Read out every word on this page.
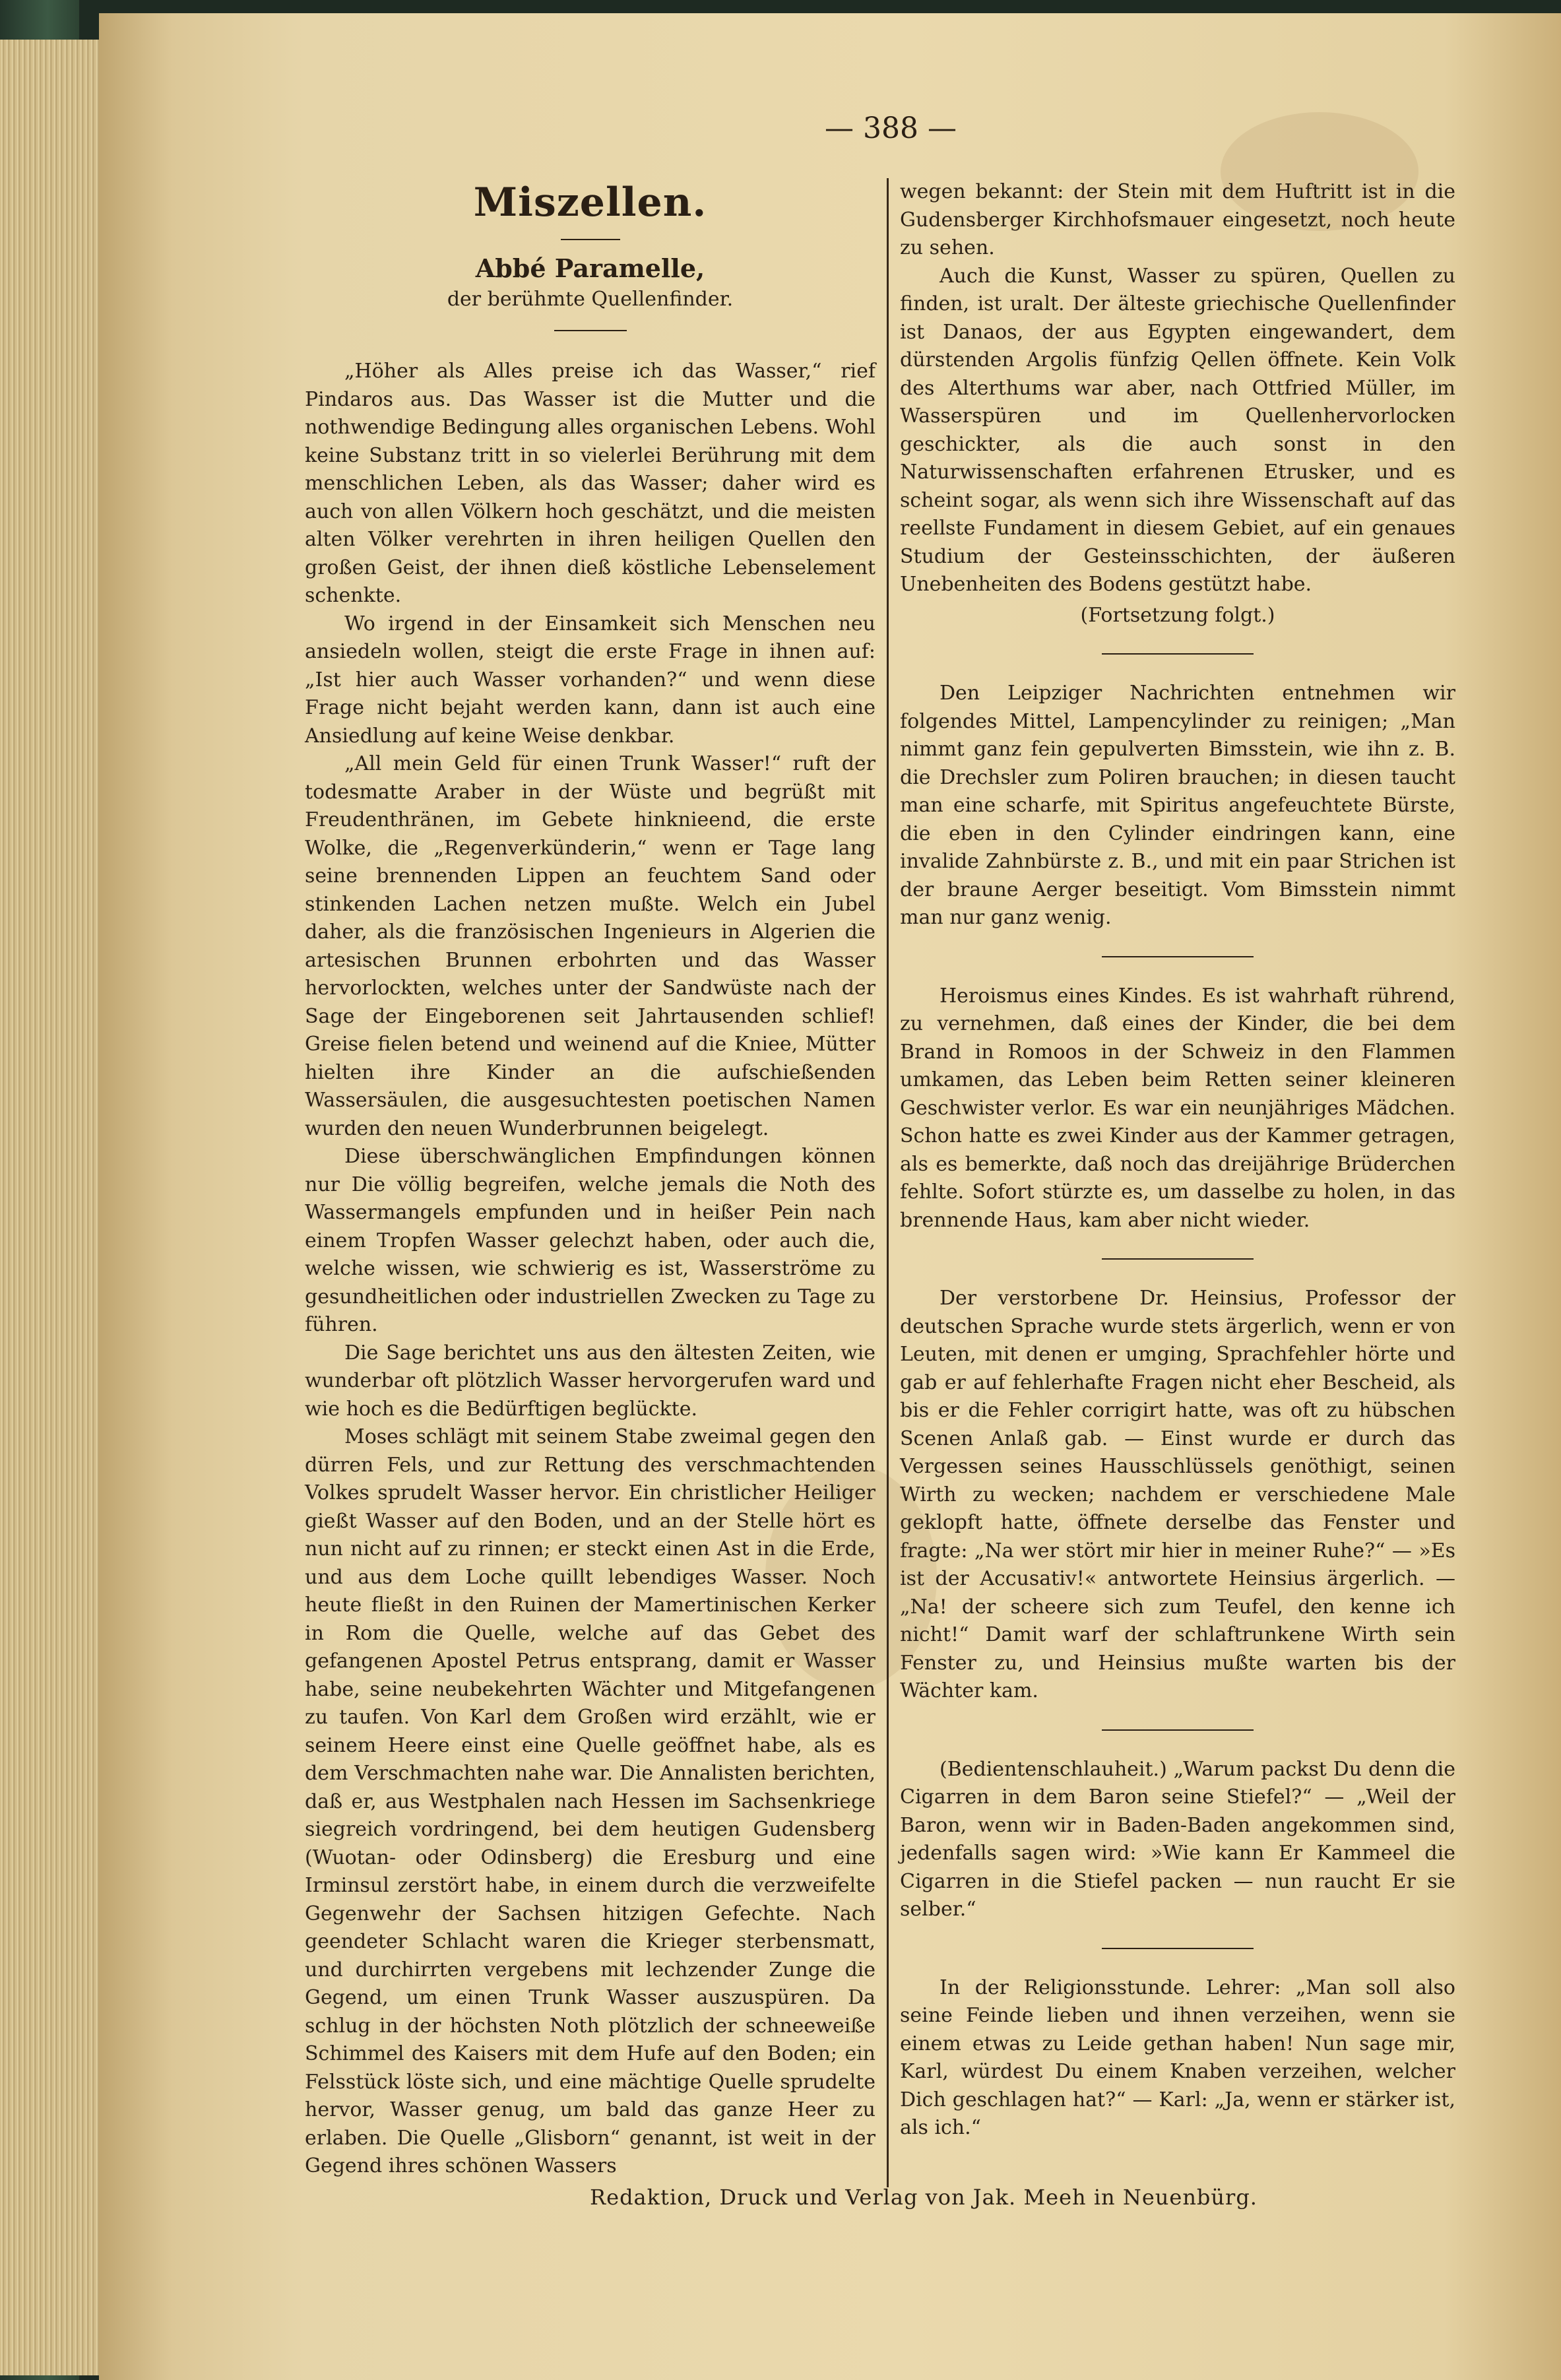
— 388 —
Miszellen.
Abbé Paramelle,
der berühmte Quellenfinder.

„Höher als Alles preise ich das Wasser,“ rief Pindaros aus. Das Wasser ist die Mutter und die nothwendige Bedingung alles organischen Lebens. Wohl keine Substanz tritt in so vielerlei Berührung mit dem menschlichen Leben, als das Wasser; daher wird es auch von allen Völkern hoch geschätzt, und die meisten alten Völker verehrten in ihren heiligen Quellen den großen Geist, der ihnen dieß köstliche Lebenselement schenkte.

Wo irgend in der Einsamkeit sich Menschen neu ansiedeln wollen, steigt die erste Frage in ihnen auf: „Ist hier auch Wasser vorhanden?“ und wenn diese Frage nicht bejaht werden kann, dann ist auch eine Ansiedlung auf keine Weise denkbar.

„All mein Geld für einen Trunk Wasser!“ ruft der todesmatte Araber in der Wüste und begrüßt mit Freudenthränen, im Gebete hinknieend, die erste Wolke, die „Regenverkünderin,“ wenn er Tage lang seine brennenden Lippen an feuchtem Sand oder stinkenden Lachen netzen mußte. Welch ein Jubel daher, als die französischen Ingenieurs in Algerien die artesischen Brunnen erbohrten und das Wasser hervorlockten, welches unter der Sandwüste nach der Sage der Eingeborenen seit Jahrtausenden schlief! Greise fielen betend und weinend auf die Kniee, Mütter hielten ihre Kinder an die aufschießenden Wassersäulen, die ausgesuchtesten poetischen Namen wurden den neuen Wunderbrunnen beigelegt.

Diese überschwänglichen Empfindungen können nur Die völlig begreifen, welche jemals die Noth des Wassermangels empfunden und in heißer Pein nach einem Tropfen Wasser gelechzt haben, oder auch die, welche wissen, wie schwierig es ist, Wasserströme zu gesundheitlichen oder industriellen Zwecken zu Tage zu führen.

Die Sage berichtet uns aus den ältesten Zeiten, wie wunderbar oft plötzlich Wasser hervorgerufen ward und wie hoch es die Bedürftigen beglückte.

Moses schlägt mit seinem Stabe zweimal gegen den dürren Fels, und zur Rettung des verschmachtenden Volkes sprudelt Wasser hervor. Ein christlicher Heiliger gießt Wasser auf den Boden, und an der Stelle hört es nun nicht auf zu rinnen; er steckt einen Ast in die Erde, und aus dem Loche quillt lebendiges Wasser. Noch heute fließt in den Ruinen der Mamertinischen Kerker in Rom die Quelle, welche auf das Gebet des gefangenen Apostel Petrus entsprang, damit er Wasser habe, seine neubekehrten Wächter und Mitgefangenen zu taufen. Von Karl dem Großen wird erzählt, wie er seinem Heere einst eine Quelle geöffnet habe, als es dem Verschmachten nahe war. Die Annalisten berichten, daß er, aus Westphalen nach Hessen im Sachsenkriege siegreich vordringend, bei dem heutigen Gudensberg (Wuotan- oder Odinsberg) die Eresburg und eine Irminsul zerstört habe, in einem durch die verzweifelte Gegenwehr der Sachsen hitzigen Gefechte. Nach geendeter Schlacht waren die Krieger sterbensmatt, und durchirrten vergebens mit lechzender Zunge die Gegend, um einen Trunk Wasser auszuspüren. Da schlug in der höchsten Noth plötzlich der schneeweiße Schimmel des Kaisers mit dem Hufe auf den Boden; ein Felsstück löste sich, und eine mächtige Quelle sprudelte hervor, Wasser genug, um bald das ganze Heer zu erlaben. Die Quelle „Glisborn“ genannt, ist weit in der Gegend ihres schönen Wassers

wegen bekannt: der Stein mit dem Huftritt ist in die Gudensberger Kirchhofsmauer eingesetzt, noch heute zu sehen.

Auch die Kunst, Wasser zu spüren, Quellen zu finden, ist uralt. Der älteste griechische Quellenfinder ist Danaos, der aus Egypten eingewandert, dem dürstenden Argolis fünfzig Qellen öffnete. Kein Volk des Alterthums war aber, nach Ottfried Müller, im Wasserspüren und im Quellenhervorlocken geschickter, als die auch sonst in den Naturwissenschaften erfahrenen Etrusker, und es scheint sogar, als wenn sich ihre Wissenschaft auf das reellste Fundament in diesem Gebiet, auf ein genaues Studium der Gesteinsschichten, der äußeren Unebenheiten des Bodens gestützt habe.

(Fortsetzung folgt.)

Den Leipziger Nachrichten entnehmen wir folgendes Mittel, Lampencylinder zu reinigen; „Man nimmt ganz fein gepulverten Bimsstein, wie ihn z. B. die Drechsler zum Poliren brauchen; in diesen taucht man eine scharfe, mit Spiritus angefeuchtete Bürste, die eben in den Cylinder eindringen kann, eine invalide Zahnbürste z. B., und mit ein paar Strichen ist der braune Aerger beseitigt. Vom Bimsstein nimmt man nur ganz wenig.

Heroismus eines Kindes. Es ist wahrhaft rührend, zu vernehmen, daß eines der Kinder, die bei dem Brand in Romoos in der Schweiz in den Flammen umkamen, das Leben beim Retten seiner kleineren Geschwister verlor. Es war ein neunjähriges Mädchen. Schon hatte es zwei Kinder aus der Kammer getragen, als es bemerkte, daß noch das dreijährige Brüderchen fehlte. Sofort stürzte es, um dasselbe zu holen, in das brennende Haus, kam aber nicht wieder.

Der verstorbene Dr. Heinsius, Professor der deutschen Sprache wurde stets ärgerlich, wenn er von Leuten, mit denen er umging, Sprachfehler hörte und gab er auf fehlerhafte Fragen nicht eher Bescheid, als bis er die Fehler corrigirt hatte, was oft zu hübschen Scenen Anlaß gab. — Einst wurde er durch das Vergessen seines Hausschlüssels genöthigt, seinen Wirth zu wecken; nachdem er verschiedene Male geklopft hatte, öffnete derselbe das Fenster und fragte: „Na wer stört mir hier in meiner Ruhe?“ — »Es ist der Accusativ!« antwortete Heinsius ärgerlich. — „Na! der scheere sich zum Teufel, den kenne ich nicht!“ Damit warf der schlaftrunkene Wirth sein Fenster zu, und Heinsius mußte warten bis der Wächter kam.

(Bedientenschlauheit.) „Warum packst Du denn die Cigarren in dem Baron seine Stiefel?“ — „Weil der Baron, wenn wir in Baden-Baden angekommen sind, jedenfalls sagen wird: »Wie kann Er Kammeel die Cigarren in die Stiefel packen — nun raucht Er sie selber.“

In der Religionsstunde. Lehrer: „Man soll also seine Feinde lieben und ihnen verzeihen, wenn sie einem etwas zu Leide gethan haben! Nun sage mir, Karl, würdest Du einem Knaben verzeihen, welcher Dich geschlagen hat?“ — Karl: „Ja, wenn er stärker ist, als ich.“

Redaktion, Druck und Verlag von Jak. Meeh in Neuenbürg.
